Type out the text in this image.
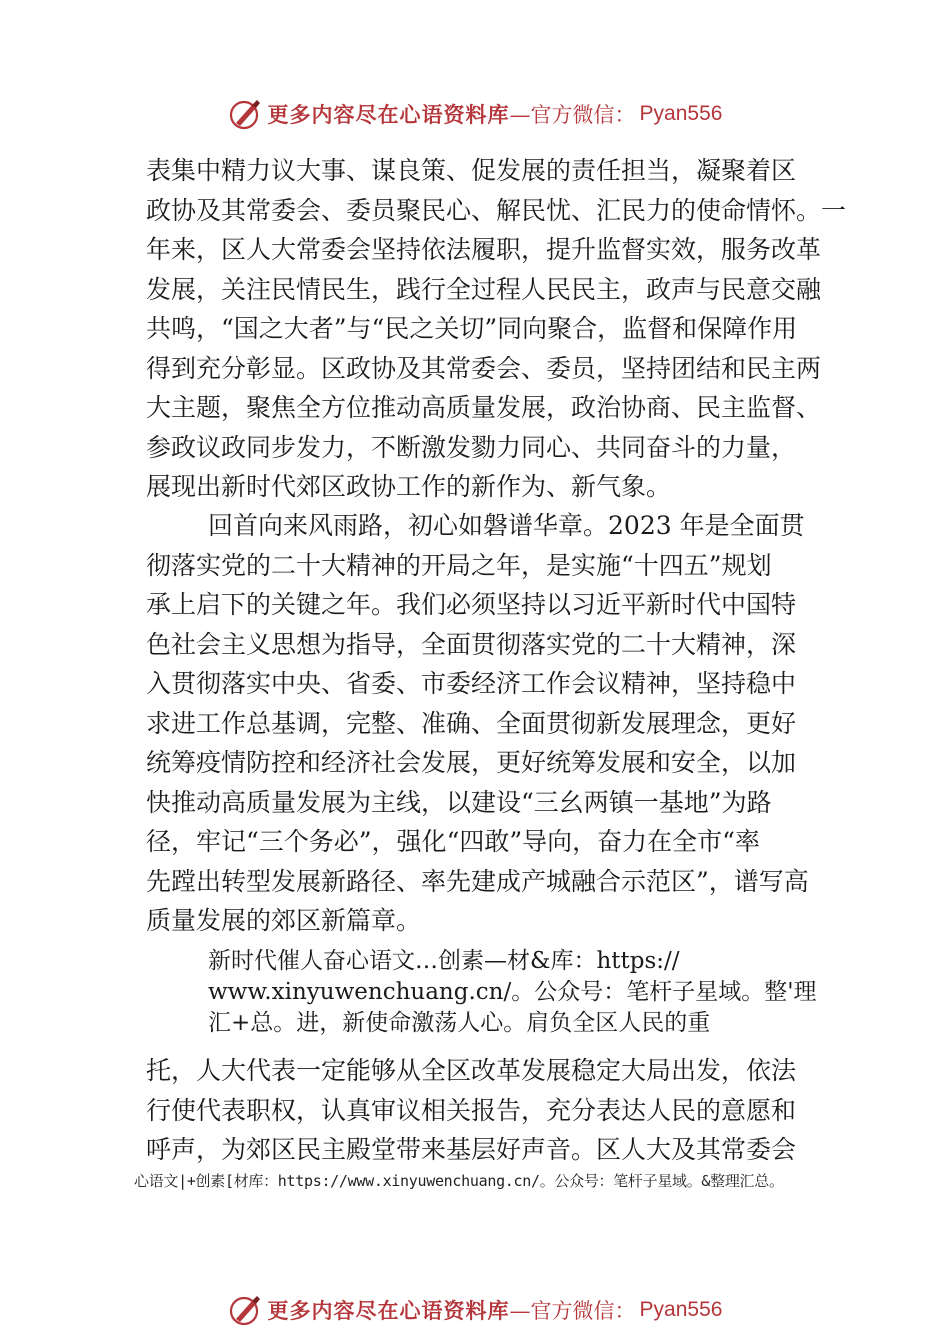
更多内容尽在心语资料库 —官方微信： Pyan556
表集中精力议大事、谋良策、促发展的责任担当，凝聚着区
政协及其常委会、委员聚民心、解民忧、汇民力的使命情怀。一
年来，区人大常委会坚持依法履职，提升监督实效，服务改革
发展，关注民情民生，践行全过程人民民主，政声与民意交融
共鸣，“国之大者”与“民之关切”同向聚合，监督和保障作用
得到充分彰显。区政协及其常委会、委员，坚持团结和民主两
大主题，聚焦全方位推动高质量发展，政治协商、民主监督、
参政议政同步发力，不断激发勠力同心、共同奋斗的力量，
展现出新时代郊区政协工作的新作为、新气象。
回首向来风雨路，初心如磐谱华章。2023 年是全面贯
彻落实党的二十大精神的开局之年，是实施“十四五”规划
承上启下的关键之年。我们必须坚持以习近平新时代中国特
色社会主义思想为指导，全面贯彻落实党的二十大精神，深
入贯彻落实中央、省委、市委经济工作会议精神，坚持稳中
求进工作总基调，完整、准确、全面贯彻新发展理念，更好
统筹疫情防控和经济社会发展，更好统筹发展和安全，以加
快推动高质量发展为主线，以建设“三幺两镇一基地”为路
径，牢记“三个务必”，强化“四敢”导向，奋力在全市“率
先蹚出转型发展新路径、率先建成产城融合示范区”，谱写高
质量发展的郊区新篇章。
新时代催人奋心语文…创素—材&库：https://
www.xinyuwenchuang.cn/。公众号：笔杆子星域。整'理
汇+总。进，新使命激荡人心。肩负全区人民的重
托，人大代表一定能够从全区改革发展稳定大局出发，依法
行使代表职权，认真审议相关报告，充分表达人民的意愿和
呼声，为郊区民主殿堂带来基层好声音。区人大及其常委会
心语文|+创素[材库：https://www.xinyuwenchuang.cn/。公众号：笔杆子星域。&整理汇总。
更多内容尽在心语资料库 —官方微信： Pyan556
